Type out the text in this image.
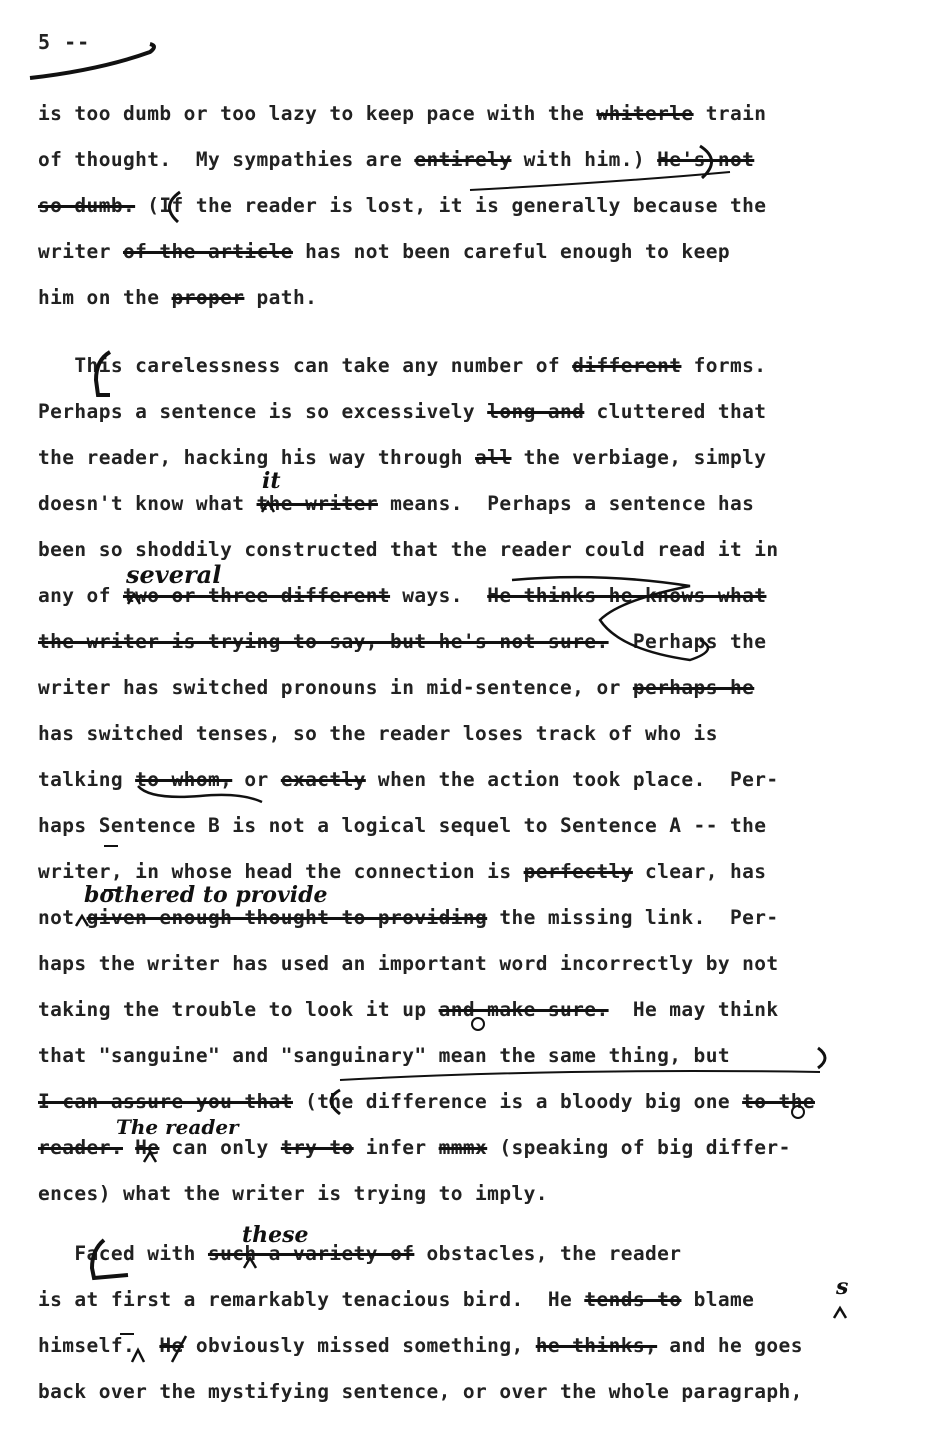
5 --
is too dumb or too lazy to keep pace with the whiterle train
of thought.  My sympathies are entirely with him.) He's not
so dumb. (If the reader is lost, it is generally because the
writer of the article has not been careful enough to keep
him on the proper path.
This carelessness can take any number of different forms.
Perhaps a sentence is so excessively long and cluttered that
the reader, hacking his way through all the verbiage, simply
doesn't know what the writer means.  Perhaps a sentence has
been so shoddily constructed that the reader could read it in
any of two or three different ways.  He thinks he knows what
the writer is trying to say, but he's not sure.  Perhaps the
writer has switched pronouns in mid-sentence, or perhaps he
has switched tenses, so the reader loses track of who is
talking to whom, or exactly when the action took place.  Per-
haps Sentence B is not a logical sequel to Sentence A -- the
writer, in whose head the connection is perfectly clear, has
not given enough thought to providing the missing link.  Per-
haps the writer has used an important word incorrectly by not
taking the trouble to look it up and make sure.  He may think
that "sanguine" and "sanguinary" mean the same thing, but
I can assure you that (the difference is a bloody big one to the
reader. He can only try to infer mmmx (speaking of big differ-
ences) what the writer is trying to imply.
Faced with such a variety of obstacles, the reader
is at first a remarkably tenacious bird.  He tends to blame
himself.  He obviously missed something, he thinks, and he goes
back over the mystifying sentence, or over the whole paragraph,
it
several
bothered to provide
The reader
these
s
